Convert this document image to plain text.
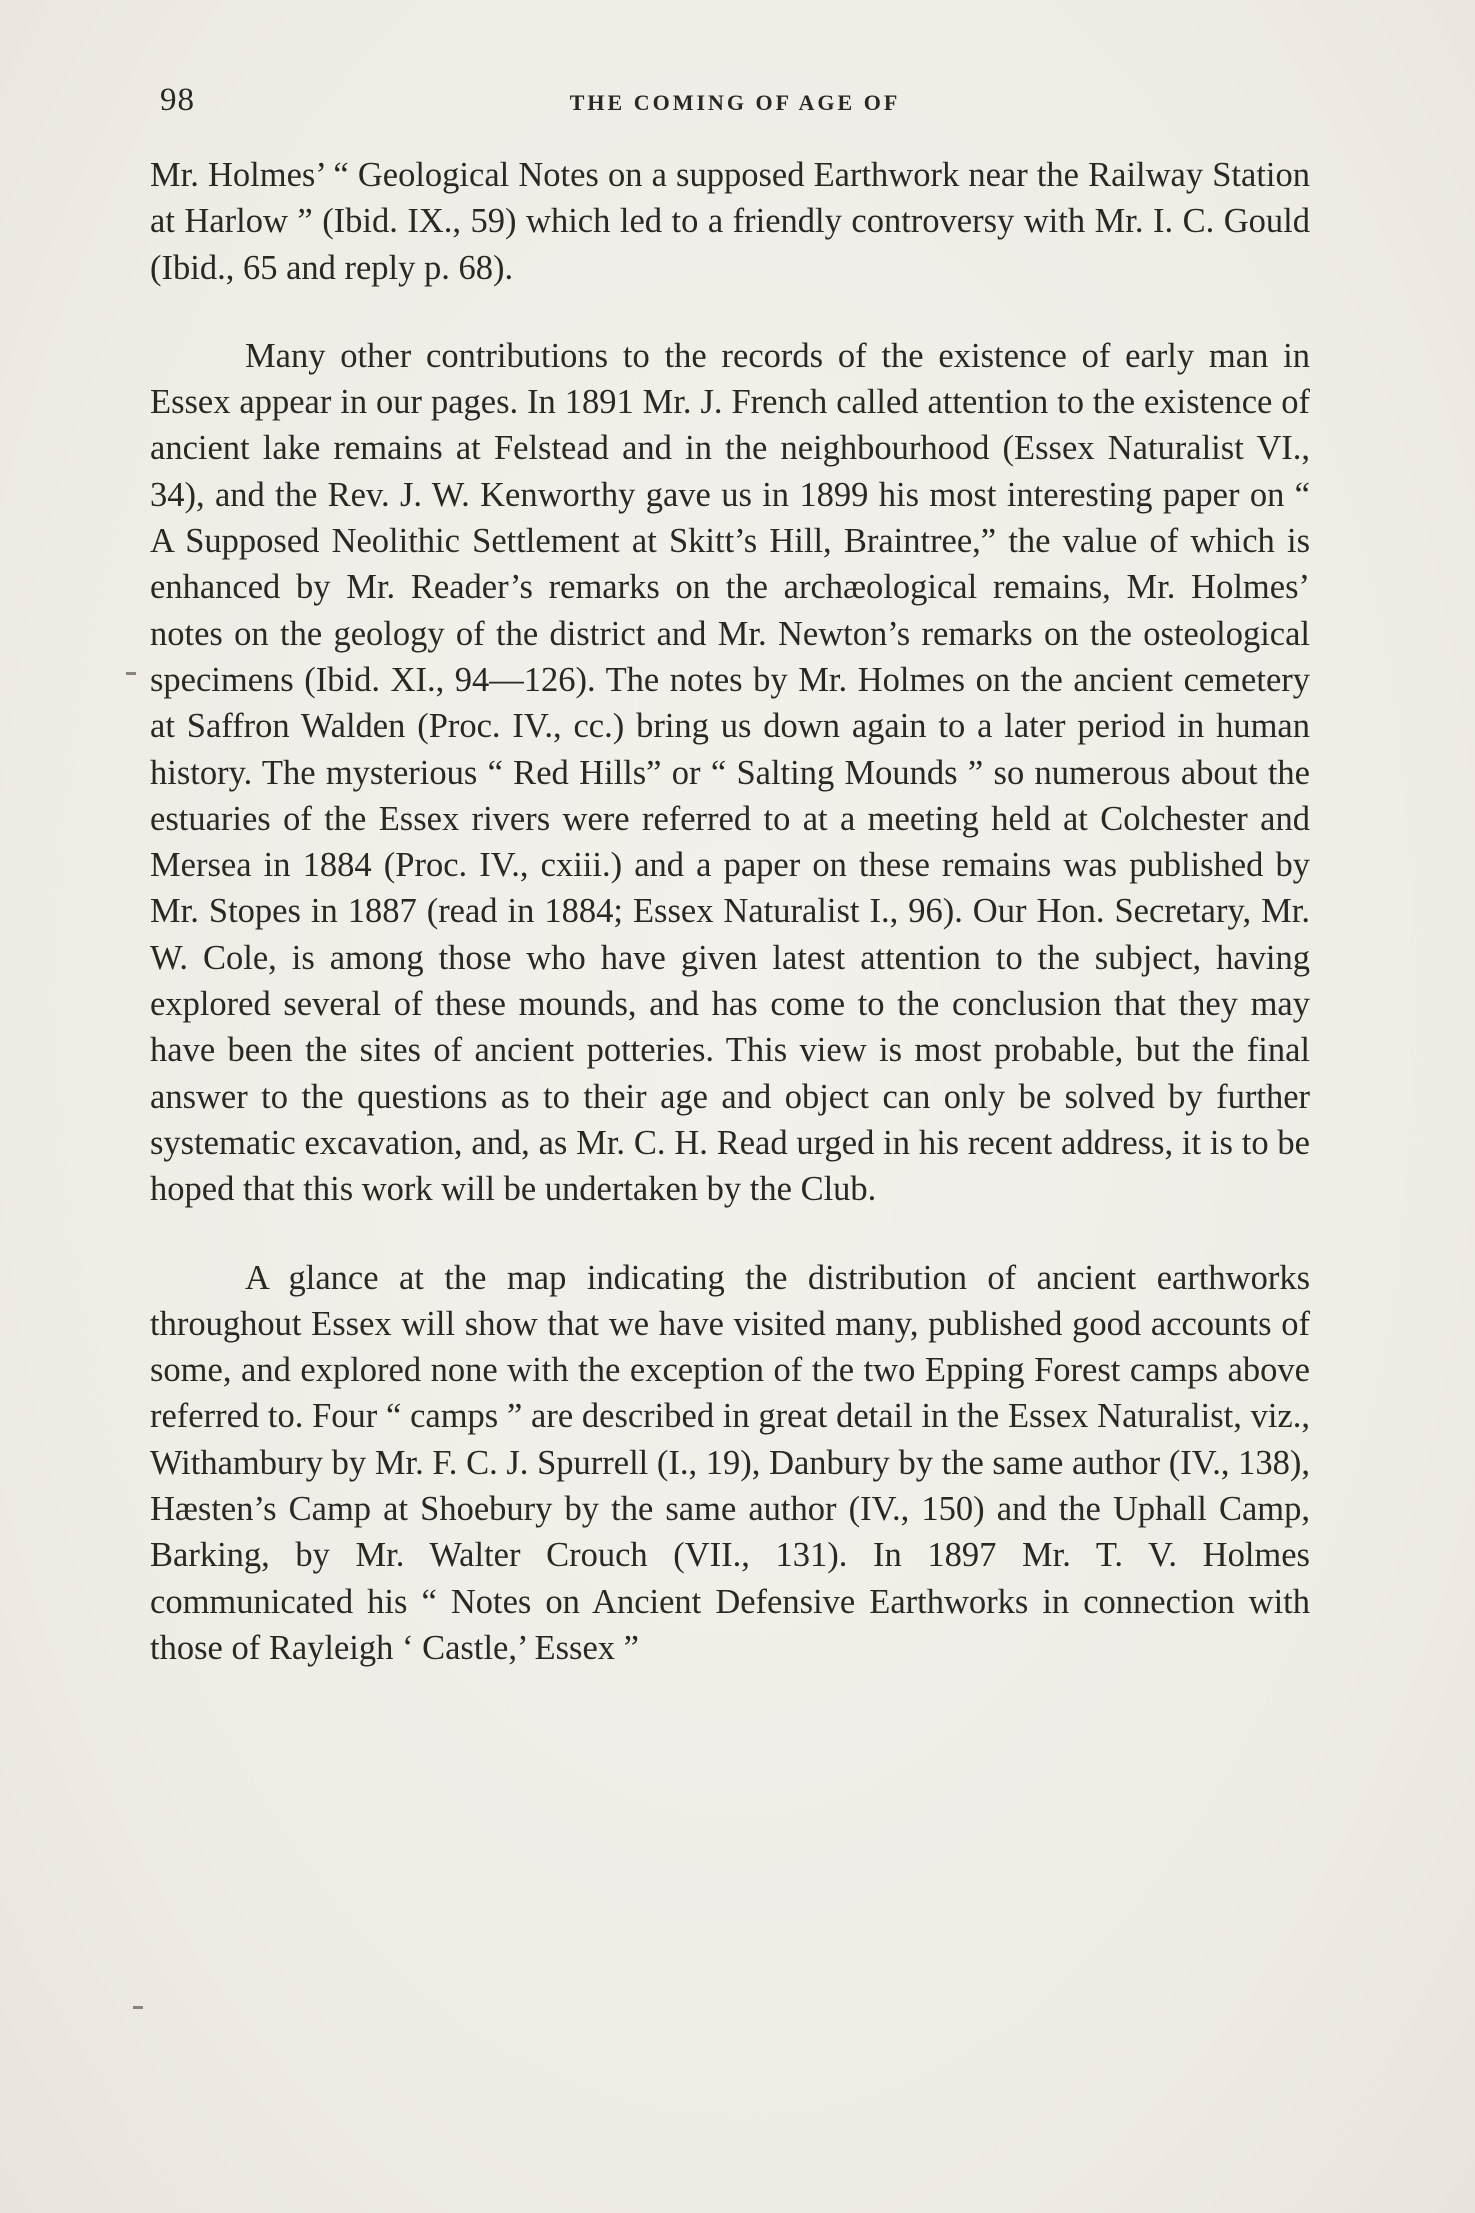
98	THE COMING OF AGE OF

Mr. Holmes’ “ Geological Notes on a supposed Earthwork near the Railway Station at Harlow ” (Ibid. IX., 59) which led to a friendly controversy with Mr. I. C. Gould (Ibid., 65 and reply p. 68).

Many other contributions to the records of the existence of early man in Essex appear in our pages. In 1891 Mr. J. French called attention to the existence of ancient lake remains at Felstead and in the neighbourhood (Essex Naturalist VI., 34), and the Rev. J. W. Kenworthy gave us in 1899 his most interesting paper on “ A Supposed Neolithic Settlement at Skitt’s Hill, Braintree,” the value of which is enhanced by Mr. Reader’s remarks on the archæological remains, Mr. Holmes’ notes on the geology of the district and Mr. Newton’s remarks on the osteological specimens (Ibid. XI., 94—126). The notes by Mr. Holmes on the ancient cemetery at Saffron Walden (Proc. IV., cc.) bring us down again to a later period in human history. The mysterious “ Red Hills” or “ Salting Mounds ” so numerous about the estuaries of the Essex rivers were referred to at a meeting held at Colchester and Mersea in 1884 (Proc. IV., cxiii.) and a paper on these remains was published by Mr. Stopes in 1887 (read in 1884; Essex Naturalist I., 96). Our Hon. Secretary, Mr. W. Cole, is among those who have given latest attention to the subject, having explored several of these mounds, and has come to the conclusion that they may have been the sites of ancient potteries. This view is most probable, but the final answer to the questions as to their age and object can only be solved by further systematic excavation, and, as Mr. C. H. Read urged in his recent address, it is to be hoped that this work will be undertaken by the Club.

A glance at the map indicating the distribution of ancient earthworks throughout Essex will show that we have visited many, published good accounts of some, and explored none with the exception of the two Epping Forest camps above referred to. Four “ camps ” are described in great detail in the Essex Naturalist, viz., Withambury by Mr. F. C. J. Spurrell (I., 19), Danbury by the same author (IV., 138), Hæsten’s Camp at Shoebury by the same author (IV., 150) and the Uphall Camp, Barking, by Mr. Walter Crouch (VII., 131). In 1897 Mr. T. V. Holmes communicated his “ Notes on Ancient Defensive Earthworks in connection with those of Rayleigh ‘ Castle,’ Essex ”
